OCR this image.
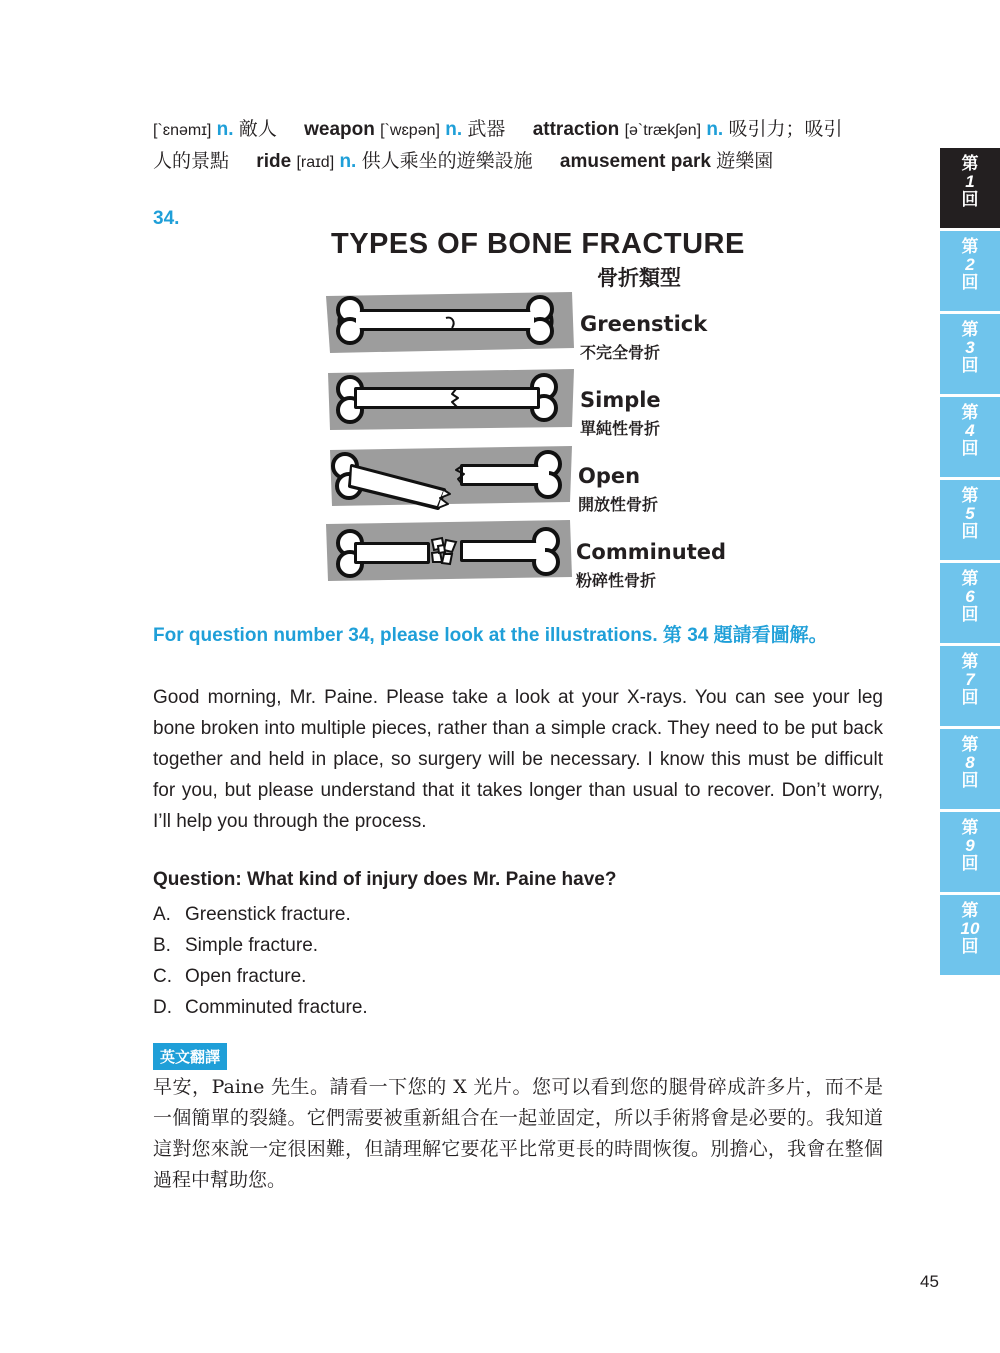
[`ɛnəmɪ] n. 敵人 weapon [`wɛpən] n. 武器 attraction [ə`trækʃən] n. 吸引力；吸引
人的景點 ride [raɪd] n. 供人乘坐的遊樂設施 amusement park 遊樂園
34.
TYPES OF BONE FRACTURE
骨折類型
Greenstick
不完全骨折
Simple
單純性骨折
Open
開放性骨折
Comminuted
粉碎性骨折
For question number 34, please look at the illustrations. 第 34 題請看圖解。
Good morning, Mr. Paine. Please take a look at your X-rays. You can see your leg bone broken into multiple pieces, rather than a simple crack. They need to be put back together and held in place, so surgery will be necessary. I know this must be difficult for you, but please understand that it takes longer than usual to recover. Don’t worry, I’ll help you through the process.
Question: What kind of injury does Mr. Paine have?
A. Greenstick fracture.
B. Simple fracture.
C. Open fracture.
D. Comminuted fracture.
英文翻譯
早安，Paine 先生。請看一下您的 X 光片。您可以看到您的腿骨碎成許多片，而不是一個簡單的裂縫。它們需要被重新組合在一起並固定，所以手術將會是必要的。我知道這對您來說一定很困難，但請理解它要花平比常更長的時間恢復。別擔心，我會在整個過程中幫助您。
45
第
1
回
第
2
回
第
3
回
第
4
回
第
5
回
第
6
回
第
7
回
第
8
回
第
9
回
第
10
回
